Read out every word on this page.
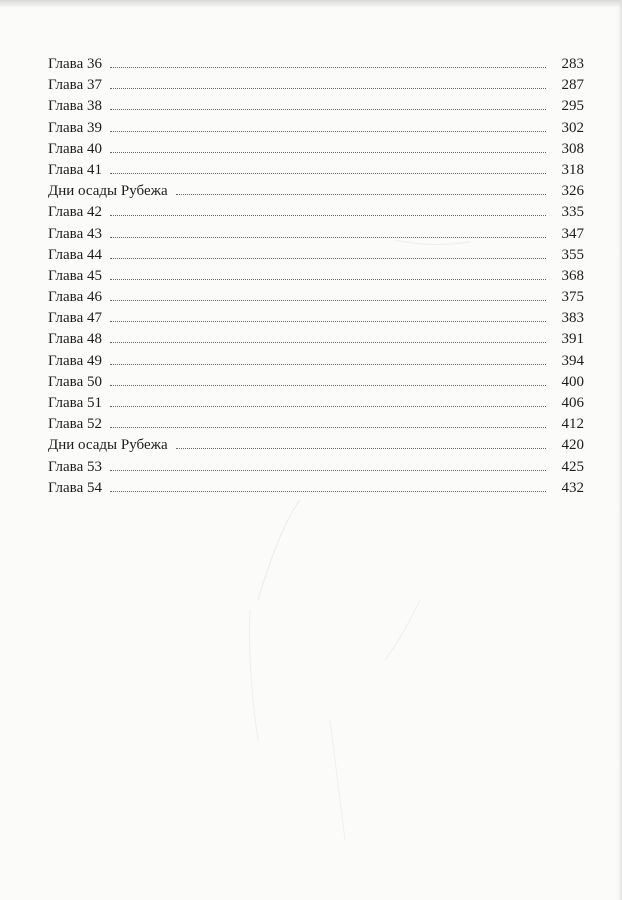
Глава 36	283
Глава 37	287
Глава 38	295
Глава 39	302
Глава 40	308
Глава 41	318
Дни осады Рубежа	326
Глава 42	335
Глава 43	347
Глава 44	355
Глава 45	368
Глава 46	375
Глава 47	383
Глава 48	391
Глава 49	394
Глава 50	400
Глава 51	406
Глава 52	412
Дни осады Рубежа	420
Глава 53	425
Глава 54	432
